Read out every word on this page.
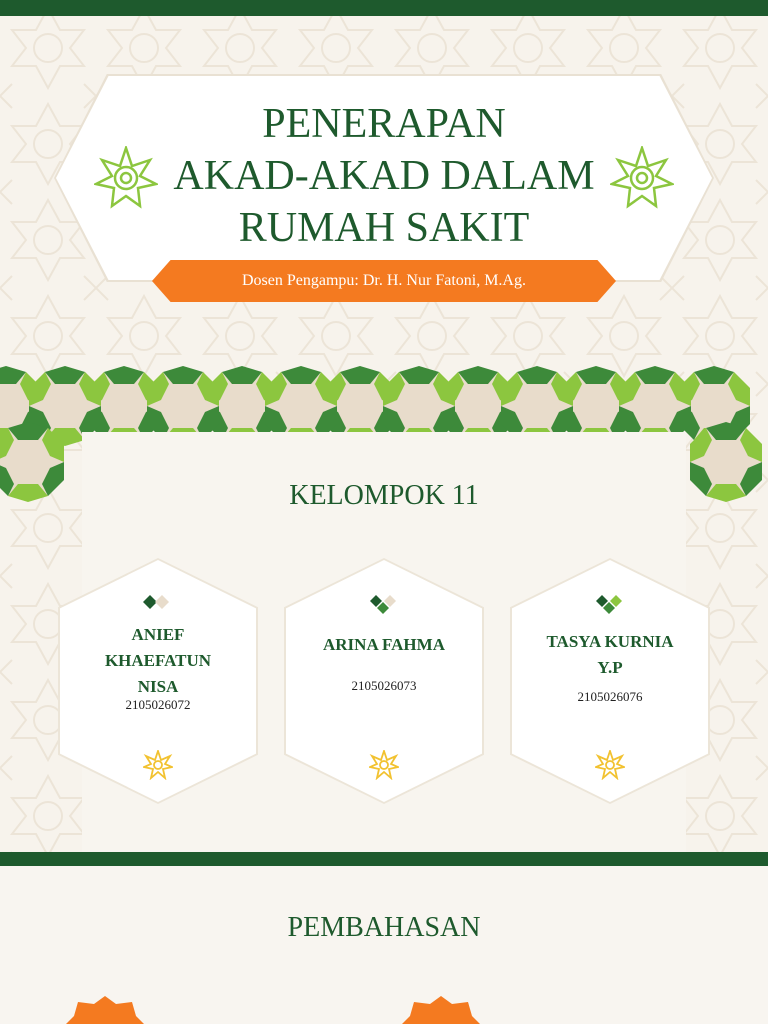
PENERAPAN
AKAD-AKAD DALAM
RUMAH SAKIT
Dosen Pengampu: Dr. H. Nur Fatoni, M.Ag.
KELOMPOK 11
ANIEF
KHAEFATUN
NISA
2105026072
ARINA FAHMA
2105026073
TASYA KURNIA
Y.P
2105026076
PEMBAHASAN
